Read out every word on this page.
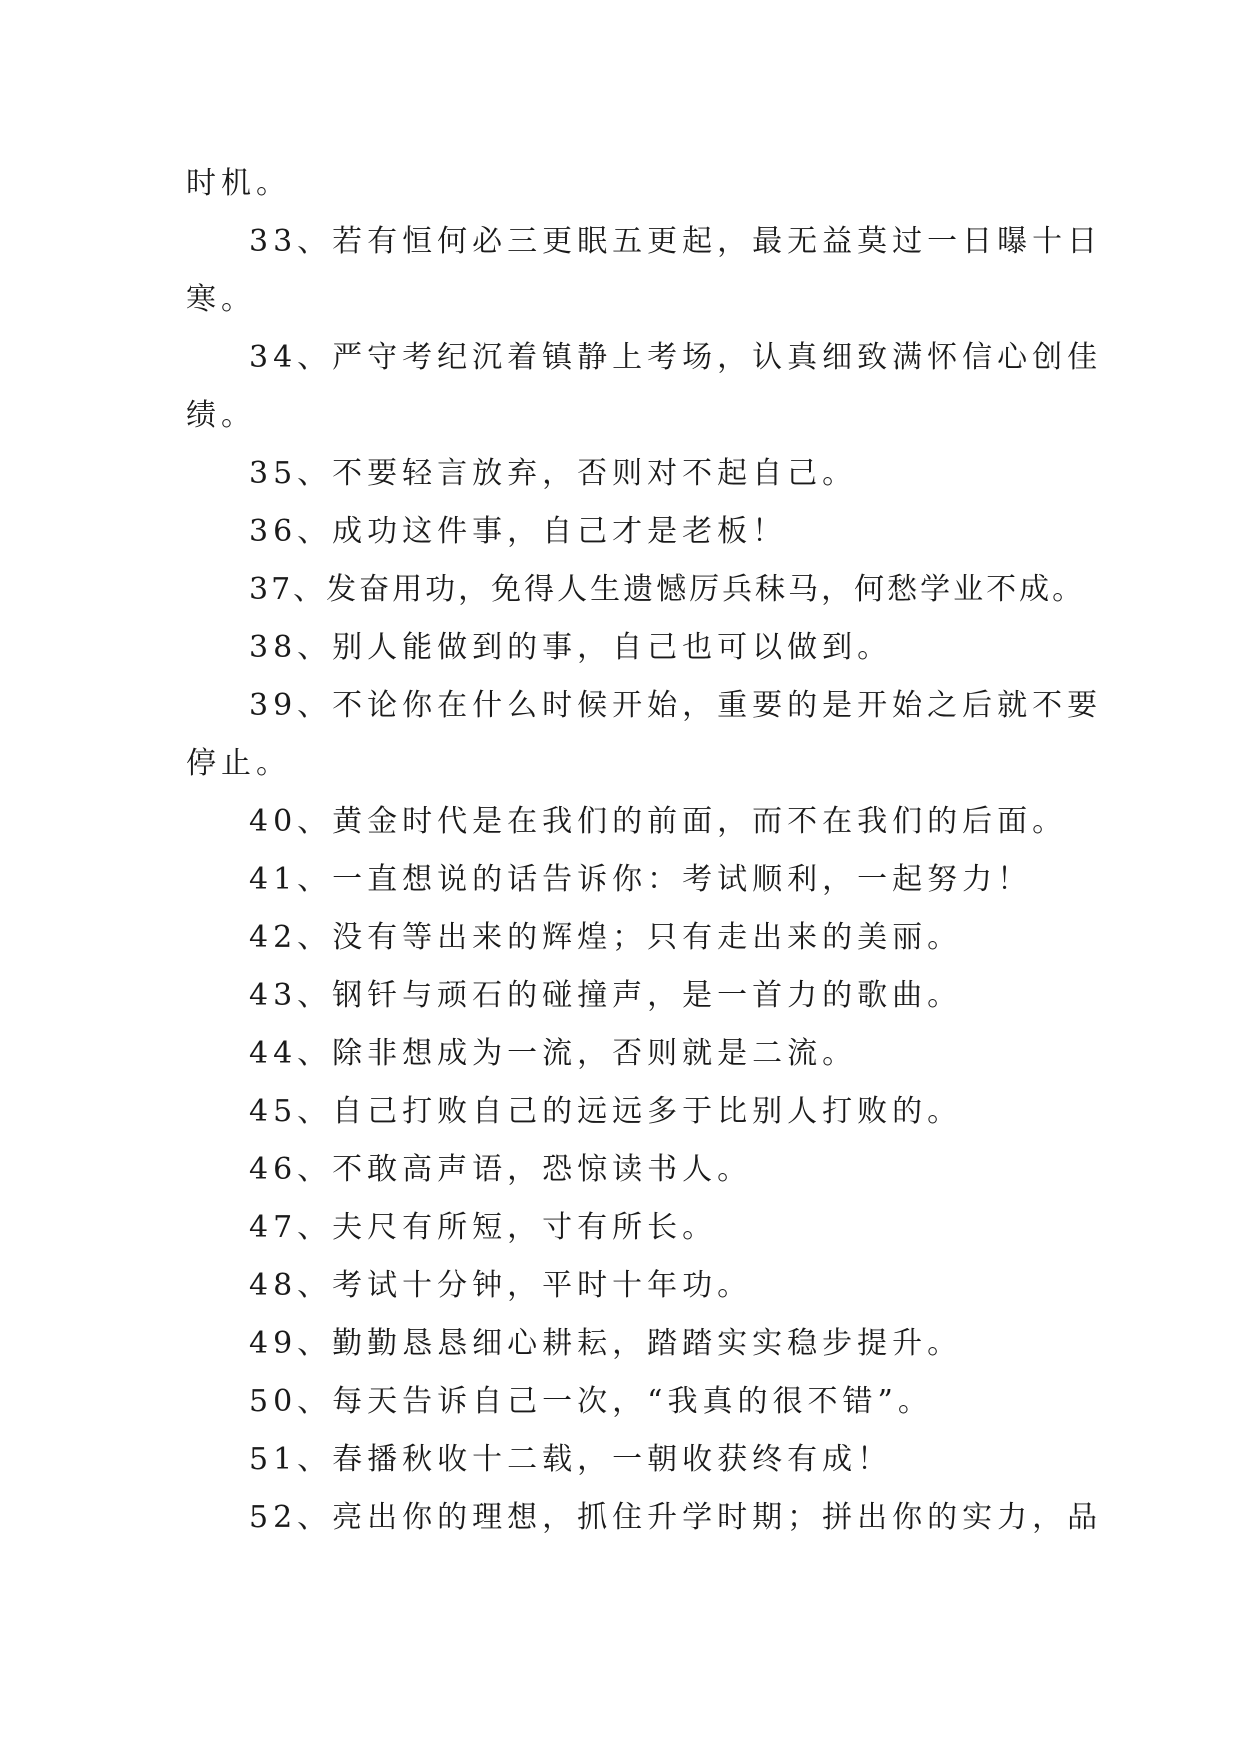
时机。
33、若有恒何必三更眠五更起，最无益莫过一日曝十日
寒。
34、严守考纪沉着镇静上考场，认真细致满怀信心创佳
绩。
35、不要轻言放弃，否则对不起自己。
36、成功这件事，自己才是老板！
37、发奋用功，免得人生遗憾厉兵秣马，何愁学业不成。
38、别人能做到的事，自己也可以做到。
39、不论你在什么时候开始，重要的是开始之后就不要
停止。
40、黄金时代是在我们的前面，而不在我们的后面。
41、一直想说的话告诉你：考试顺利，一起努力！
42、没有等出来的辉煌；只有走出来的美丽。
43、钢钎与顽石的碰撞声，是一首力的歌曲。
44、除非想成为一流，否则就是二流。
45、自己打败自己的远远多于比别人打败的。
46、不敢高声语，恐惊读书人。
47、夫尺有所短，寸有所长。
48、考试十分钟，平时十年功。
49、勤勤恳恳细心耕耘，踏踏实实稳步提升。
50、每天告诉自己一次，“我真的很不错”。
51、春播秋收十二载，一朝收获终有成！
52、亮出你的理想，抓住升学时期；拼出你的实力，品
